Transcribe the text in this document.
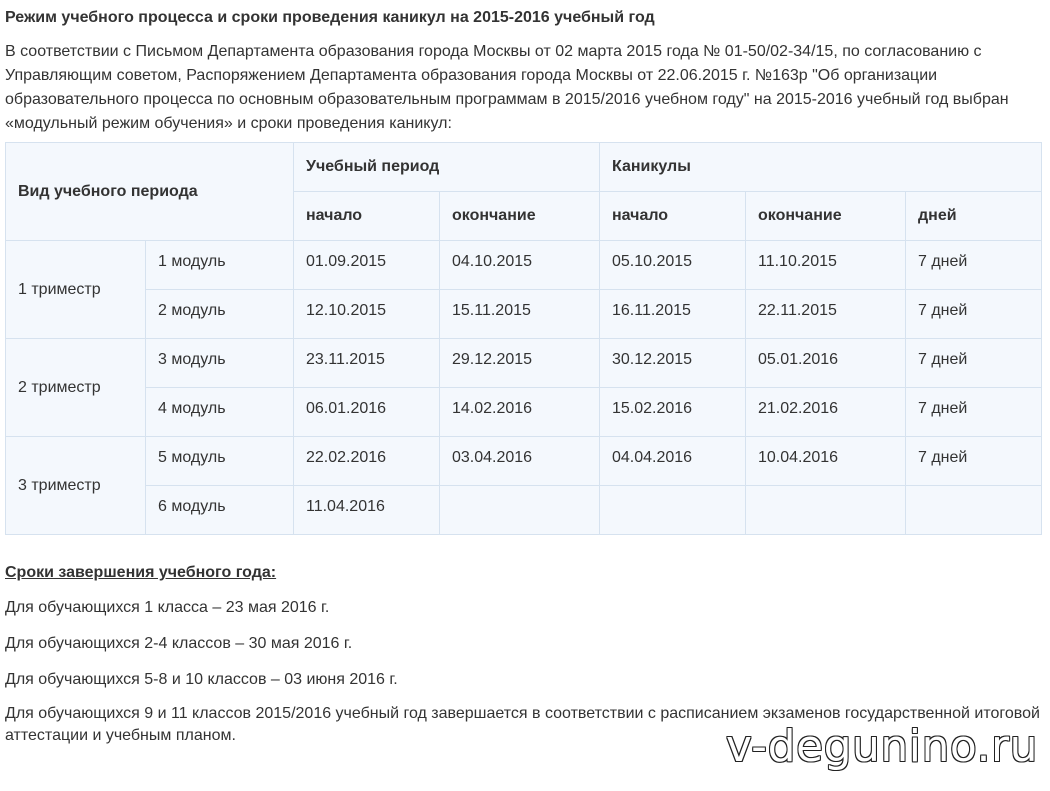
Режим учебного процесса и сроки проведения каникул на 2015-2016 учебный год

В соответствии с Письмом Департамента образования города Москвы от 02 марта 2015 года № 01-50/02-34/15, по согласованию с Управляющим советом, Распоряжением Департамента образования города Москвы от 22.06.2015 г. №163р "Об организации образовательного процесса по основным образовательным программам в 2015/2016 учебном году" на 2015-2016 учебный год выбран «модульный режим обучения» и сроки проведения каникул:

Вид учебного периода		Учебный период		Каникулы		
		начало	окончание	начало	окончание	дней
1 триместр	1 модуль	01.09.2015	04.10.2015	05.10.2015	11.10.2015	7 дней
	2 модуль	12.10.2015	15.11.2015	16.11.2015	22.11.2015	7 дней
2 триместр	3 модуль	23.11.2015	29.12.2015	30.12.2015	05.01.2016	7 дней
	4 модуль	06.01.2016	14.02.2016	15.02.2016	21.02.2016	7 дней
3 триместр	5 модуль	22.02.2016	03.04.2016	04.04.2016	10.04.2016	7 дней
	6 модуль	11.04.2016				

Сроки завершения учебного года:

Для обучающихся 1 класса – 23 мая 2016 г.

Для обучающихся 2-4 классов – 30 мая 2016 г.

Для обучающихся 5-8 и 10 классов – 03 июня 2016 г.

Для обучающихся 9 и 11 классов 2015/2016 учебный год завершается в соответствии с расписанием экзаменов государственной итоговой аттестации и учебным планом.	v-degunino.ru
